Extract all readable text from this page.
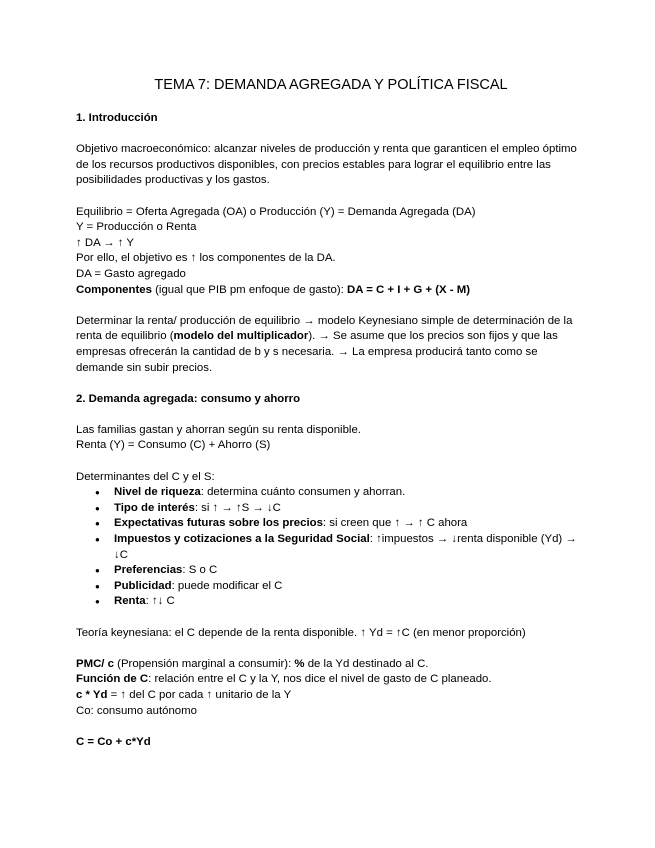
TEMA 7: DEMANDA AGREGADA Y POLÍTICA FISCAL
1. Introducción

Objetivo macroeconómico: alcanzar niveles de producción y renta que garanticen el empleo óptimo de los recursos productivos disponibles, con precios estables para lograr el equilibrio entre las posibilidades productivas y los gastos.

Equilibrio = Oferta Agregada (OA) o Producción (Y) = Demanda Agregada (DA)
Y = Producción o Renta
↑ DA → ↑ Y
Por ello, el objetivo es ↑ los componentes de la DA.
DA = Gasto agregado
Componentes (igual que PIB pm enfoque de gasto): DA = C + I + G + (X - M)

Determinar la renta/ producción de equilibrio → modelo Keynesiano simple de determinación de la renta de equilibrio (modelo del multiplicador). → Se asume que los precios son fijos y que las empresas ofrecerán la cantidad de b y s necesaria. → La empresa producirá tanto como se demande sin subir precios.

2. Demanda agregada: consumo y ahorro

Las familias gastan y ahorran según su renta disponible.
Renta (Y) = Consumo (C) + Ahorro (S)

Determinantes del C y el S:
● Nivel de riqueza: determina cuánto consumen y ahorran.
● Tipo de interés: si ↑ → ↑S → ↓C
● Expectativas futuras sobre los precios: si creen que ↑ → ↑ C ahora
● Impuestos y cotizaciones a la Seguridad Social: ↑impuestos → ↓renta disponible (Yd) → ↓C
● Preferencias: S o C
● Publicidad: puede modificar el C
● Renta: ↑↓ C

Teoría keynesiana: el C depende de la renta disponible. ↑ Yd = ↑C (en menor proporción)

PMC/ c (Propensión marginal a consumir): % de la Yd destinado al C.
Función de C: relación entre el C y la Y, nos dice el nivel de gasto de C planeado.
c * Yd = ↑ del C por cada ↑ unitario de la Y
Co: consumo autónomo

C = Co + c*Yd
